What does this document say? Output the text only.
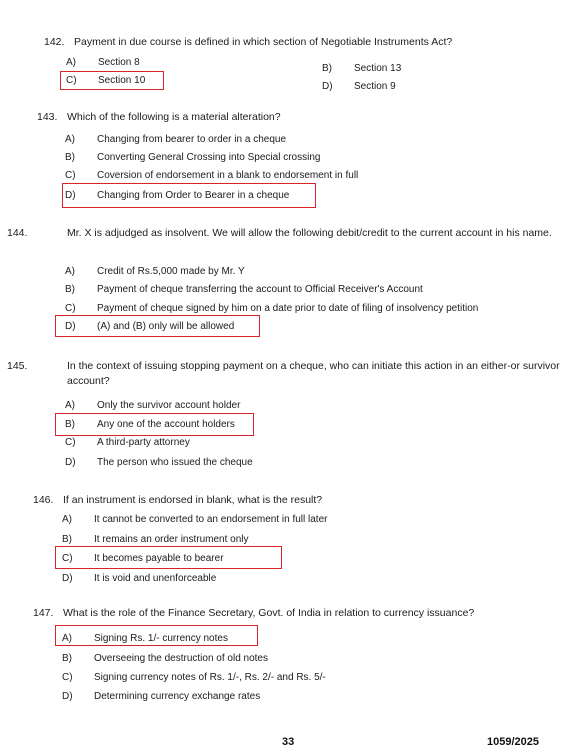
142. Payment in due course is defined in which section of Negotiable Instruments Act?
A) Section 8
B) Section 13
C) Section 10
D) Section 9
143. Which of the following is a material alteration?
A) Changing from bearer to order in a cheque
B) Converting General Crossing into Special crossing
C) Coversion of endorsement in a blank to endorsement in full
D) Changing from Order to Bearer in a cheque
144.	Mr. X is adjudged as insolvent. We will allow the following debit/credit to the current account in his name.
A) Credit of Rs.5,000 made by Mr. Y
B) Payment of cheque transferring the account to Official Receiver's Account
C) Payment of cheque signed by him on a date prior to date of filing of insolvency petition
D) (A) and (B) only will be allowed
145.	In the context of issuing stopping payment on a cheque, who can initiate this action in an either-or survivor account?
A) Only the survivor account holder
B) Any one of the account holders
C) A third-party attorney
D) The person who issued the cheque
146. If an instrument is endorsed in blank, what is the result?
A) It cannot be converted to an endorsement in full later
B) It remains an order instrument only
C) It becomes payable to bearer
D) It is void and unenforceable
147. What is the role of the Finance Secretary, Govt. of India in relation to currency issuance?
A) Signing Rs. 1/- currency notes
B) Overseeing the destruction of old notes
C) Signing currency notes of Rs. 1/-, Rs. 2/- and Rs. 5/-
D) Determining currency exchange rates
33	1059/2025
